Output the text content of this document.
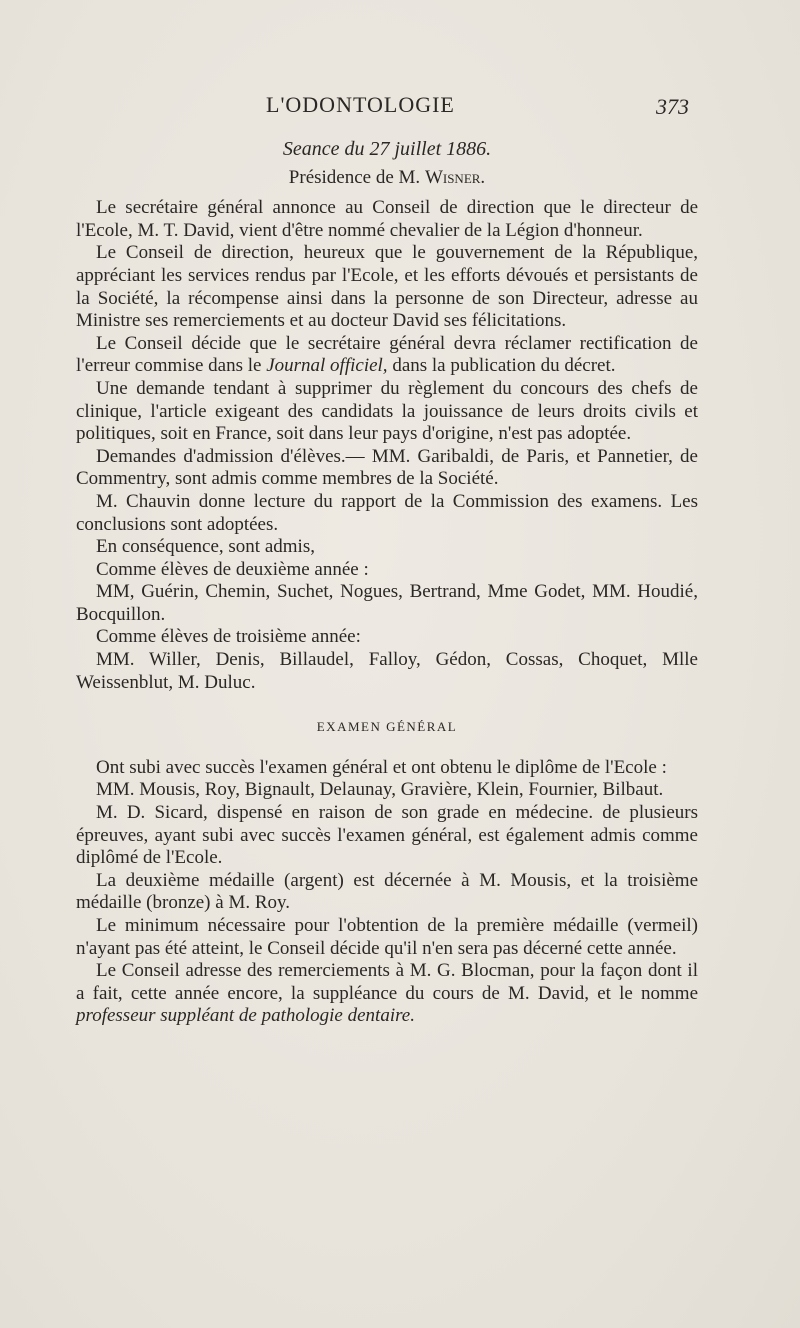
L'ODONTOLOGIE	373

Seance du 27 juillet 1886.

Présidence de M. Wisner.

Le secrétaire général annonce au Conseil de direction que le directeur de l'Ecole, M. T. David, vient d'être nommé chevalier de la Légion d'honneur.

Le Conseil de direction, heureux que le gouvernement de la République, appréciant les services rendus par l'Ecole, et les efforts dévoués et persistants de la Société, la récompense ainsi dans la personne de son Directeur, adresse au Ministre ses remerciements et au docteur David ses félicitations.

Le Conseil décide que le secrétaire général devra réclamer rectification de l'erreur commise dans le Journal officiel, dans la publication du décret.

Une demande tendant à supprimer du règlement du concours des chefs de clinique, l'article exigeant des candidats la jouissance de leurs droits civils et politiques, soit en France, soit dans leur pays d'origine, n'est pas adoptée.

Demandes d'admission d'élèves.— MM. Garibaldi, de Paris, et Pannetier, de Commentry, sont admis comme membres de la Société.

M. Chauvin donne lecture du rapport de la Commission des examens. Les conclusions sont adoptées.

En conséquence, sont admis,

Comme élèves de deuxième année :

MM, Guérin, Chemin, Suchet, Nogues, Bertrand, Mme Godet, MM. Houdié, Bocquillon.

Comme élèves de troisième année:

MM. Willer, Denis, Billaudel, Falloy, Gédon, Cossas, Choquet, Mlle Weissenblut, M. Duluc.

EXAMEN GÉNÉRAL

Ont subi avec succès l'examen général et ont obtenu le diplôme de l'Ecole :

MM. Mousis, Roy, Bignault, Delaunay, Gravière, Klein, Fournier, Bilbaut.

M. D. Sicard, dispensé en raison de son grade en médecine. de plusieurs épreuves, ayant subi avec succès l'examen général, est également admis comme diplômé de l'Ecole.

La deuxième médaille (argent) est décernée à M. Mousis, et la troisième médaille (bronze) à M. Roy.

Le minimum nécessaire pour l'obtention de la première médaille (vermeil) n'ayant pas été atteint, le Conseil décide qu'il n'en sera pas décerné cette année.

Le Conseil adresse des remerciements à M. G. Blocman, pour la façon dont il a fait, cette année encore, la suppléance du cours de M. David, et le nomme professeur suppléant de pathologie dentaire.
